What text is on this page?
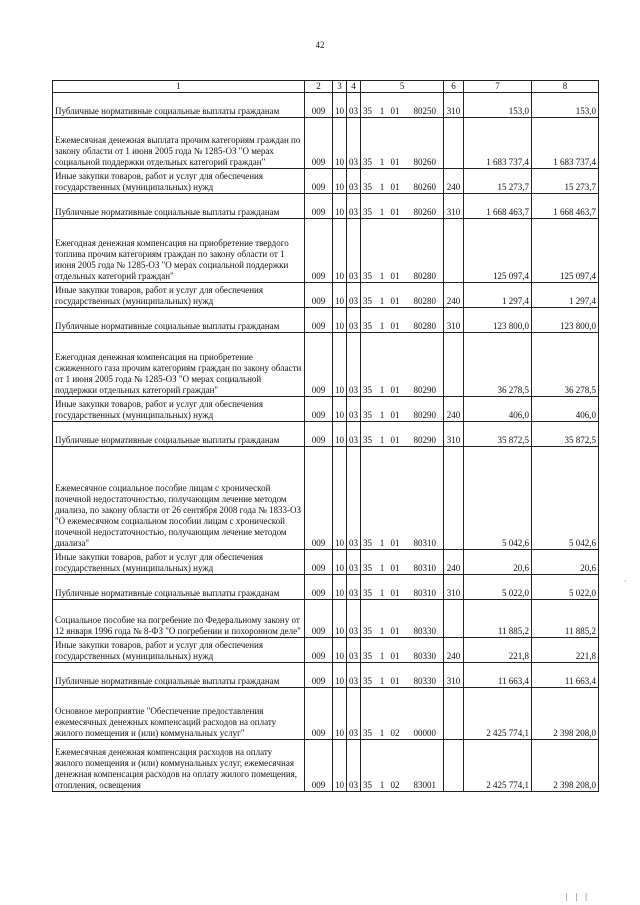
42
1	2	3	4	5	6	7	8

Публичные нормативные социальные выплаты гражданам	009	10	03	35 1 01 80250	310	153,0	153,0

Ежемесячная денежная выплата прочим категориям граждан по закону области от 1 июня 2005 года № 1285-ОЗ "О мерах социальной поддержки отдельных категорий граждан"	009	10	03	35 1 01 80260		1 683 737,4	1 683 737,4

Иные закупки товаров, работ и услуг для обеспечения государственных (муниципальных) нужд	009	10	03	35 1 01 80260	240	15 273,7	15 273,7

Публичные нормативные социальные выплаты гражданам	009	10	03	35 1 01 80260	310	1 668 463,7	1 668 463,7

Ежегодная денежная компенсация на приобретение твердого топлива прочим категориям граждан по закону области от 1 июня 2005 года № 1285-ОЗ "О мерах социальной поддержки отдельных категорий граждан"	009	10	03	35 1 01 80280		125 097,4	125 097,4

Иные закупки товаров, работ и услуг для обеспечения государственных (муниципальных) нужд	009	10	03	35 1 01 80280	240	1 297,4	1 297,4

Публичные нормативные социальные выплаты гражданам	009	10	03	35 1 01 80280	310	123 800,0	123 800,0

Ежегодная денежная компенсация на приобретение сжиженного газа прочим категориям граждан по закону области от 1 июня 2005 года № 1285-ОЗ "О мерах социальной поддержки отдельных категорий граждан"	009	10	03	35 1 01 80290		36 278,5	36 278,5

Иные закупки товаров, работ и услуг для обеспечения государственных (муниципальных) нужд	009	10	03	35 1 01 80290	240	406,0	406,0

Публичные нормативные социальные выплаты гражданам	009	10	03	35 1 01 80290	310	35 872,5	35 872,5

Ежемесячное социальное пособие лицам с хронической почечной недостаточностью, получающим лечение методом диализа, по закону области от 26 сентября 2008 года № 1833-ОЗ "О ежемесячном социальном пособии лицам с хронической почечной недостаточностью, получающим лечение методом диализа"	009	10	03	35 1 01 80310		5 042,6	5 042,6

Иные закупки товаров, работ и услуг для обеспечения государственных (муниципальных) нужд	009	10	03	35 1 01 80310	240	20,6	20,6

Публичные нормативные социальные выплаты гражданам	009	10	03	35 1 01 80310	310	5 022,0	5 022,0

Социальное пособие на погребение по Федеральному закону от 12 января 1996 года № 8-ФЗ "О погребении и похоронном деле"	009	10	03	35 1 01 80330		11 885,2	11 885,2

Иные закупки товаров, работ и услуг для обеспечения государственных (муниципальных) нужд	009	10	03	35 1 01 80330	240	221,8	221,8

Публичные нормативные социальные выплаты гражданам	009	10	03	35 1 01 80330	310	11 663,4	11 663,4

Основное мероприятие "Обеспечение предоставления ежемесячных денежных компенсаций расходов на оплату жилого помещения и (или) коммунальных услуг"	009	10	03	35 1 02 00000		2 425 774,1	2 398 208,0

Ежемесячная денежная компенсация расходов на оплату жилого помещения и (или) коммунальных услуг, ежемесячная денежная компенсация расходов на оплату жилого помещения, отопления, освещения	009	10	03	35 1 02 83001		2 425 774,1	2 398 208,0
·
| | |
